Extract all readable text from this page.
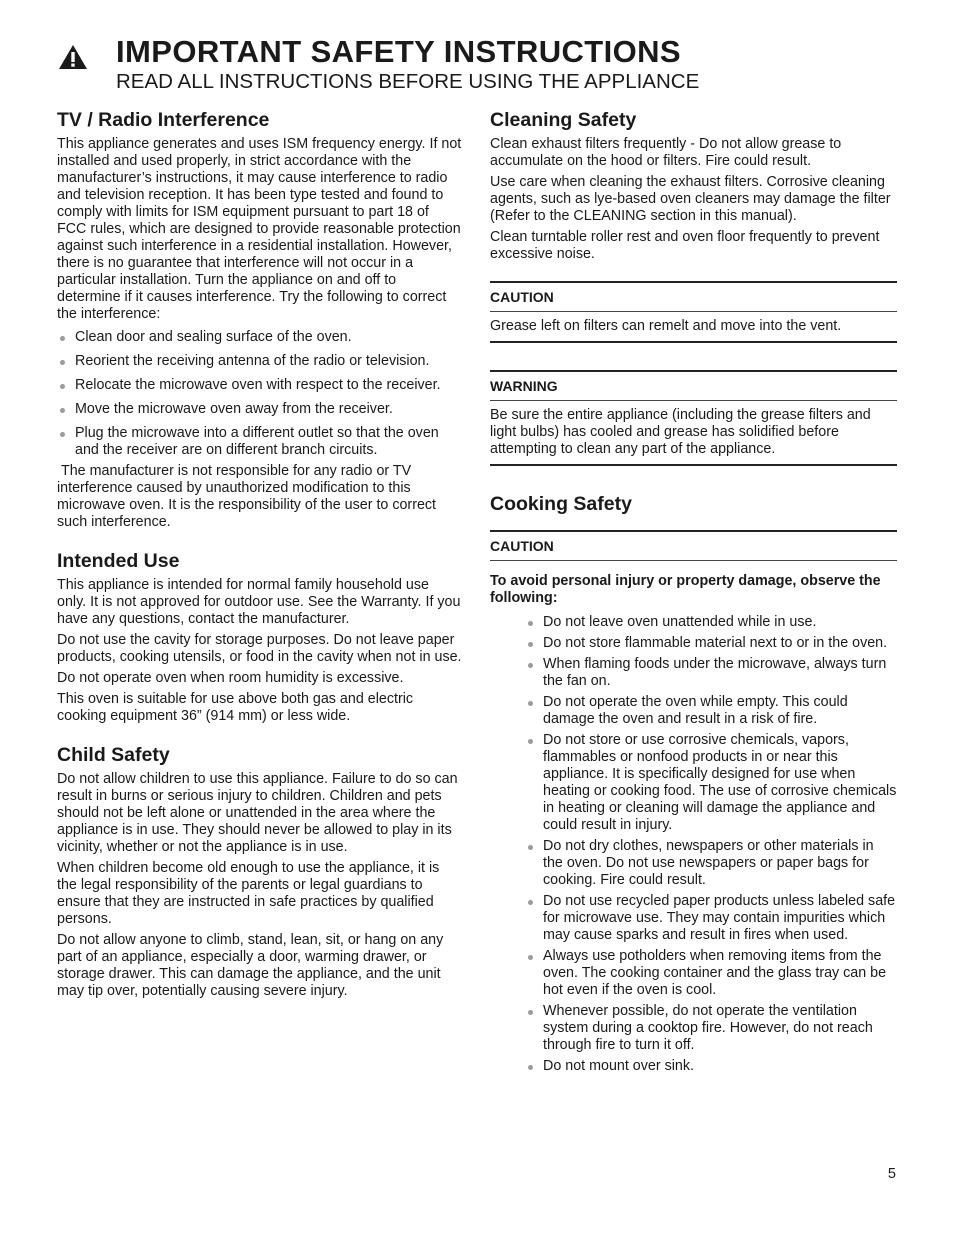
IMPORTANT SAFETY INSTRUCTIONS
READ ALL INSTRUCTIONS BEFORE USING THE APPLIANCE
TV / Radio Interference

This appliance generates and uses ISM frequency energy. If not installed and used properly, in strict accordance with the manufacturer’s instructions, it may cause interference to radio and television reception. It has been type tested and found to comply with limits for ISM equipment pursuant to part 18 of FCC rules, which are designed to provide reasonable protection against such interference in a residential installation. However, there is no guarantee that interference will not occur in a particular installation. Turn the appliance on and off to determine if it causes interference. Try the following to correct the interference:

Clean door and sealing surface of the oven.
Reorient the receiving antenna of the radio or television.
Relocate the microwave oven with respect to the receiver.
Move the microwave oven away from the receiver.
Plug the microwave into a different outlet so that the oven and the receiver are on different branch circuits.

The manufacturer is not responsible for any radio or TV interference caused by unauthorized modification to this microwave oven. It is the responsibility of the user to correct such interference.

Intended Use

This appliance is intended for normal family household use only. It is not approved for outdoor use. See the Warranty. If you have any questions, contact the manufacturer.

Do not use the cavity for storage purposes. Do not leave paper products, cooking utensils, or food in the cavity when not in use.

Do not operate oven when room humidity is excessive.

This oven is suitable for use above both gas and electric cooking equipment 36” (914 mm) or less wide.

Child Safety

Do not allow children to use this appliance. Failure to do so can result in burns or serious injury to children. Children and pets should not be left alone or unattended in the area where the appliance is in use. They should never be allowed to play in its vicinity, whether or not the appliance is in use.

When children become old enough to use the appliance, it is the legal responsibility of the parents or legal guardians to ensure that they are instructed in safe practices by qualified persons.

Do not allow anyone to climb, stand, lean, sit, or hang on any part of an appliance, especially a door, warming drawer, or storage drawer. This can damage the appliance, and the unit may tip over, potentially causing severe injury.

Cleaning Safety

Clean exhaust filters frequently - Do not allow grease to accumulate on the hood or filters. Fire could result.

Use care when cleaning the exhaust filters. Corrosive cleaning agents, such as lye-based oven cleaners may damage the filter (Refer to the CLEANING section in this manual).

Clean turntable roller rest and oven floor frequently to prevent excessive noise.

CAUTION

Grease left on filters can remelt and move into the vent.

WARNING

Be sure the entire appliance (including the grease filters and light bulbs) has cooled and grease has solidified before attempting to clean any part of the appliance.

Cooking Safety
CAUTION

To avoid personal injury or property damage, observe the following:

Do not leave oven unattended while in use.
Do not store flammable material next to or in the oven.
When flaming foods under the microwave, always turn the fan on.
Do not operate the oven while empty. This could damage the oven and result in a risk of fire.
Do not store or use corrosive chemicals, vapors, flammables or nonfood products in or near this appliance. It is specifically designed for use when heating or cooking food. The use of corrosive chemicals in heating or cleaning will damage the appliance and could result in injury.
Do not dry clothes, newspapers or other materials in the oven. Do not use newspapers or paper bags for cooking. Fire could result.
Do not use recycled paper products unless labeled safe for microwave use. They may contain impurities which may cause sparks and result in fires when used.
Always use potholders when removing items from the oven. The cooking container and the glass tray can be hot even if the oven is cool.
Whenever possible, do not operate the ventilation system during a cooktop fire. However, do not reach through fire to turn it off.
Do not mount over sink.
5
